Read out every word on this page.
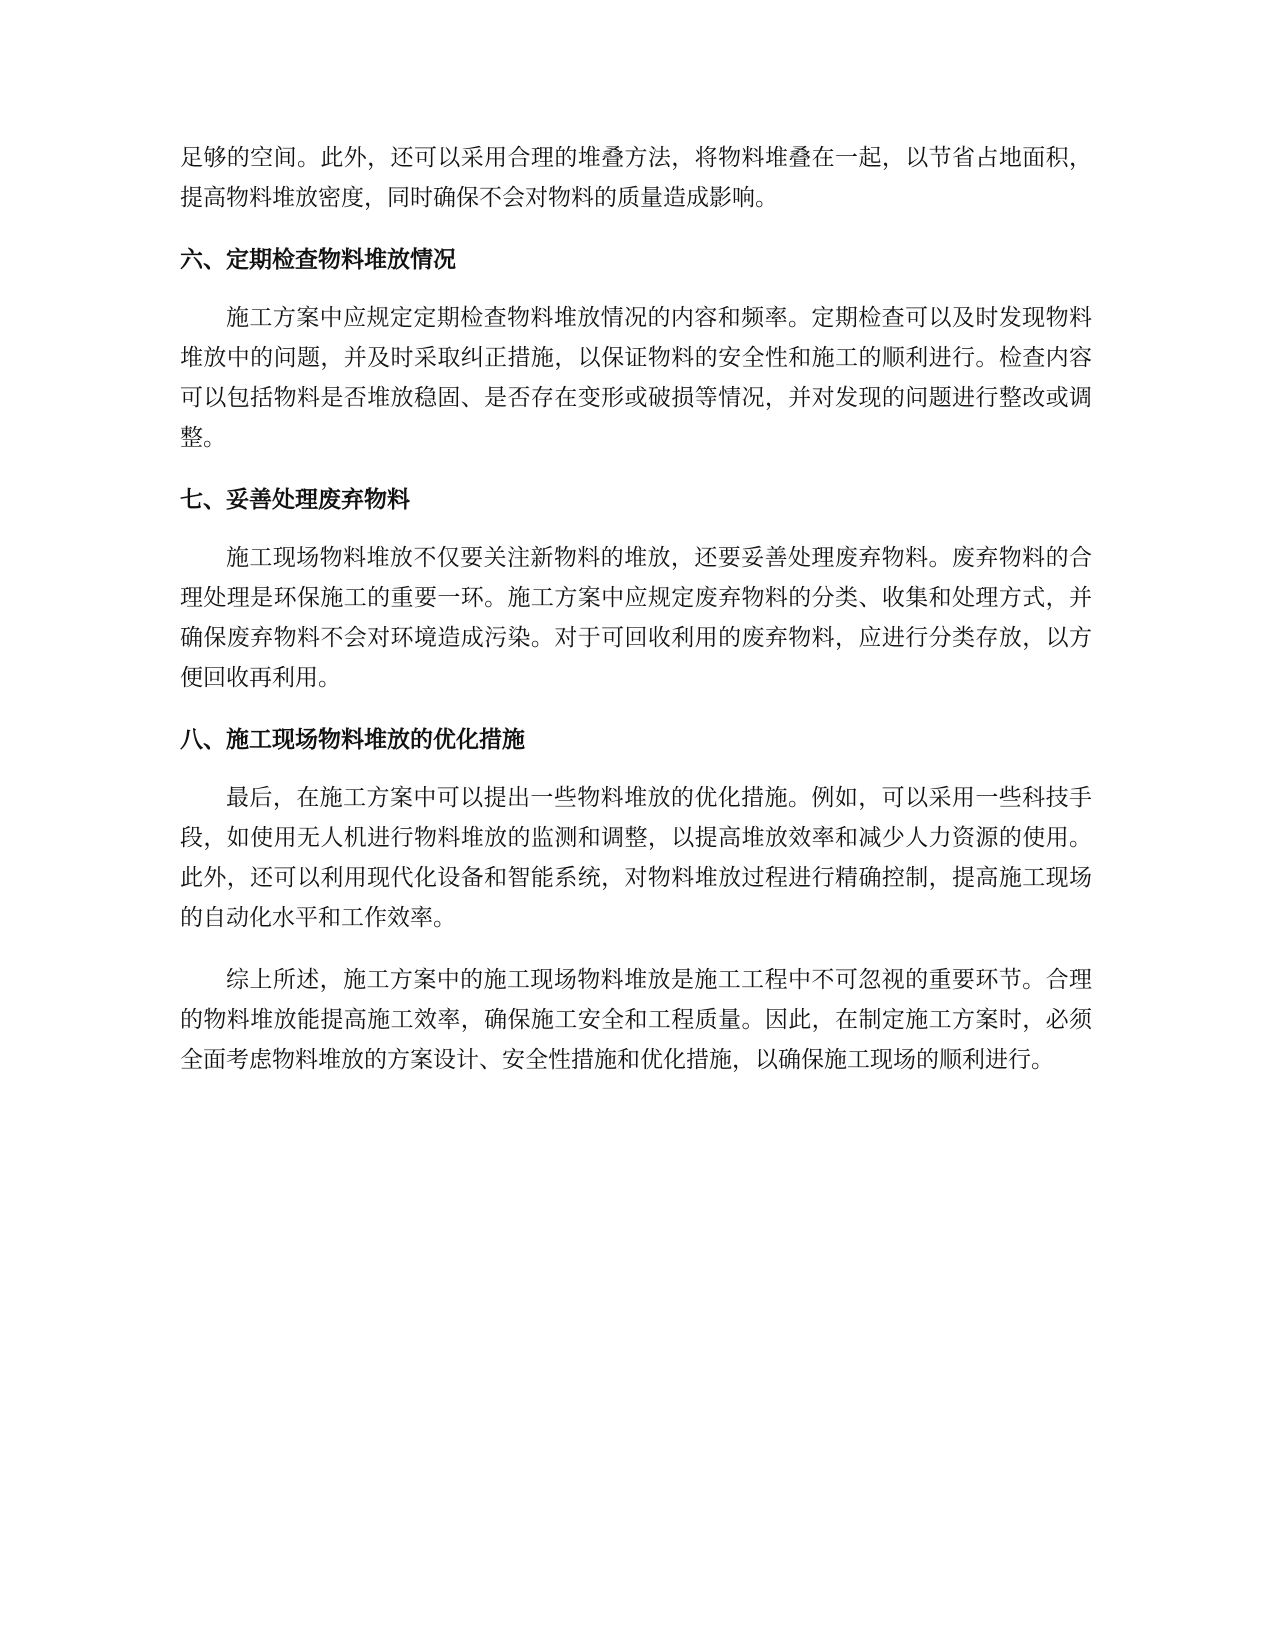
足够的空间。此外，还可以采用合理的堆叠方法，将物料堆叠在一起，以节省占地面积，提高物料堆放密度，同时确保不会对物料的质量造成影响。

六、定期检查物料堆放情况

施工方案中应规定定期检查物料堆放情况的内容和频率。定期检查可以及时发现物料堆放中的问题，并及时采取纠正措施，以保证物料的安全性和施工的顺利进行。检查内容可以包括物料是否堆放稳固、是否存在变形或破损等情况，并对发现的问题进行整改或调整。

七、妥善处理废弃物料

施工现场物料堆放不仅要关注新物料的堆放，还要妥善处理废弃物料。废弃物料的合理处理是环保施工的重要一环。施工方案中应规定废弃物料的分类、收集和处理方式，并确保废弃物料不会对环境造成污染。对于可回收利用的废弃物料，应进行分类存放，以方便回收再利用。

八、施工现场物料堆放的优化措施

最后，在施工方案中可以提出一些物料堆放的优化措施。例如，可以采用一些科技手段，如使用无人机进行物料堆放的监测和调整，以提高堆放效率和减少人力资源的使用。此外，还可以利用现代化设备和智能系统，对物料堆放过程进行精确控制，提高施工现场的自动化水平和工作效率。

综上所述，施工方案中的施工现场物料堆放是施工工程中不可忽视的重要环节。合理的物料堆放能提高施工效率，确保施工安全和工程质量。因此，在制定施工方案时，必须全面考虑物料堆放的方案设计、安全性措施和优化措施，以确保施工现场的顺利进行。
